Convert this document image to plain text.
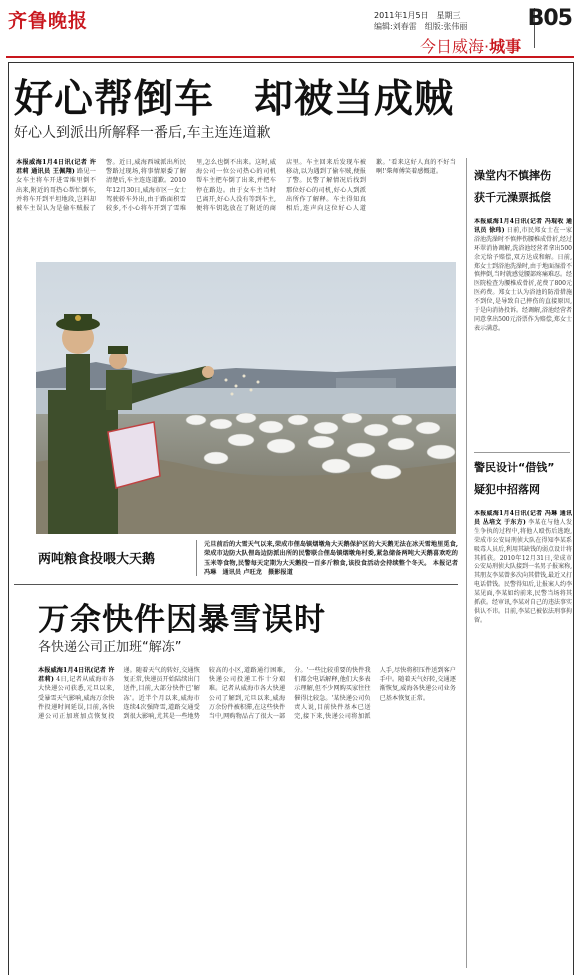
齐鲁晚报	2011年1月5日　星期三
编辑:刘春雷　组版:张伟丽	B05
今日威海·城事
好心帮倒车　却被当成贼
好心人到派出所解释一番后,车主连连道歉
本报威海1月4日讯(记者 许君莉 通讯员 王佩翔) 路见一女车主将车开进雪堆里倒不出来,附近的哥热心帮忙倒车,并将车开到平坦地段,岂料却被车主误认为是偷车贼报了警。近日,威海西城派出所民警路过现场,将事情原委了解清楚后,车主连连道歉。2010年12月30日,威海市区一女士驾驶轿车外出,由于路面积雪较多,不小心将车开到了雪堆里,怎么也倒不出来。这时,威海公司一位公司热心的司机帮车主把车倒了出来,并把车停在路边。由于女车主当时已离开,好心人没有等到车主,便将车钥匙放在了附近的商店里。车主回来后发现车被移动,以为遇到了偷车贼,便报了警。民警了解情况后找到那位好心的司机,好心人到派出所作了解释。车主得知真相后,连声向这位好心人道歉。'看来这好人真的不好当啊!'柴师傅笑着感慨道。
两吨粮食投喂大天鹅
元旦前后的大雪天气以来,荣成市俚岛镇烟墩角大天鹅保护区的大天鹅无法在冰天雪地里觅食,荣成市边防大队俚岛边防派出所的民警联合俚岛镇烟墩角村委,紧急储备两吨大天鹅喜欢吃的玉米等食物,民警每天定期为大天鹅投一百多斤粮食,该投食活动会持续整个冬天。 本报记者 冯琳　通讯员 卢旺龙　摄影报道
万余快件因暴雪误时
各快递公司正加班“解冻”
本报威海1月4日讯(记者 许君莉) 4日,记者从威海市各大快递公司获悉,元旦以来,受暴雪天气影响,威海万余快件投递时间延误,目前,各快递公司正加班加点恢复投递。随着天气的转好,交通恢复正常,快递员开始陆续出门送件,目前,大部分快件已'解冻'。近半个月以来,威海市连续4次强降雪,道路交通受到很大影响,尤其是一些地势较高的小区,道路通行困难,快递公司投递工作十分艰难。记者从威海市各大快递公司了解到,元旦以来,威海万余份件被积滞,在这些快件当中,网购物品占了很大一部分。'一些比较重要的快件我们都会电话解释,他们大多表示理解,但不少网购买家往往催得比较急。'某快递公司负责人说,目前快件基本已送完,接下来,快递公司将加派人手,尽快将积压件送到客户手中。随着天气好转,交通逐渐恢复,威海各快递公司业务已基本恢复正常。
澡堂内不慎摔伤
获千元澡票抵偿
本报威海1月4日讯(记者 冯琨收 通讯员 徐玮) 日前,市民郑女士在一家浴池洗澡时不慎摔伤腰椎成骨折,经过环翠消协调解,洗浴池经营者拿出500余元给予赔偿,双方达成和解。日前,郑女士到浴池洗澡时,由于地面湿滑不慎摔倒,当时就感觉腰部疼痛难忍。经医院检查为腰椎成骨折,花费了800元医药费。郑女士认为浴池的防滑措施不到位,是导致自己摔伤的直接原因,于是向消协投诉。经调解,浴池经营者同意拿出500元浴票作为赔偿,郑女士表示满意。
警民设计“借钱”
疑犯中招落网
本报威海1月4日讯(记者 冯琳 通讯员 丛培文 于东方) 李某在与他人发生争执的过程中,将他人殴伤后逃跑,荣成市公安局刑侦大队在得知李某系吸毒人员后,利用其缺钱的弱点设计将其抓获。2010年12月31日,荣成市公安局刑侦大队接到一名男子报案称,其朋友李某曾多次向其借钱,最近又打电话借钱。民警得知后,让报案人约李某见面,李某如约前来,民警当场将其抓获。经审讯,李某对自己的违法事实供认不讳。目前,李某已被依法刑事拘留。
